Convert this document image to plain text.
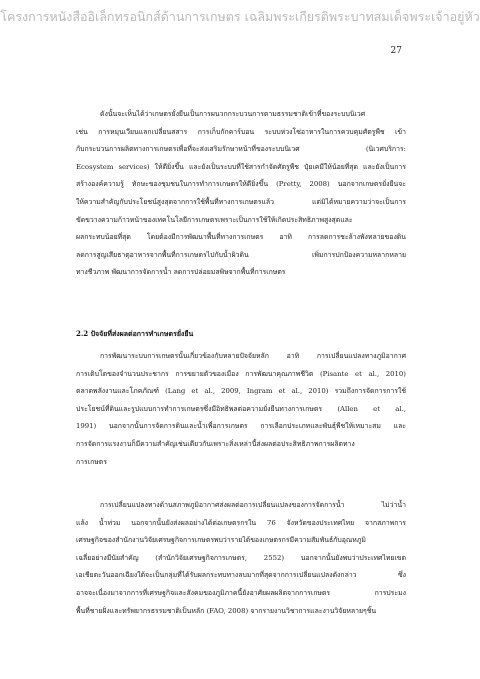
โครงการหนังสืออิเล็กทรอนิกส์ด้านการเกษตร เฉลิมพระเกียรติพระบาทสมเด็จพระเจ้าอยู่หัว
27
ดังนั้นจะเห็นได้ว่าเกษตรยั่งยืนเป็นการผนวกกระบวนการตามธรรมชาติเข้าที่ของระบบนิเวศ
เช่น การหมุนเวียนแลกเปลี่ยนสสาร การเก็บกักคาร์บอน ระบบห่วงโซ่อาหารในการควบคุมศัตรูพืช เข้า
กับกระบวนการผลิตทางการเกษตรเพื่อที่จะส่งเสริมรักษาหน้าที่ของระบบนิเวศ (นิเวศบริการ:
Ecosystem services) ให้ดียิ่งขึ้น และยังเป็นระบบที่ใช้สารกำจัดศัตรูพืช ปุ๋ยเคมีให้น้อยที่สุด และยังเป็นการ
สร้างองค์ความรู้ ทักษะของชุมชนในการทำการเกษตรให้ดียิ่งขึ้น (Pretty, 2008) นอกจากเกษตรยั่งยืนจะ
ให้ความสำคัญกับประโยชน์สูงสุดจากการใช้พื้นที่ทางการเกษตรแล้ว แต่มิได้หมายความว่าจะเป็นการ
ขัดขวางความก้าวหน้าของเทคโนโลยีการเกษตรเพราะเป็นการใช้ให้เกิดประสิทธิภาพสูงสุดและ
ผลกระทบน้อยที่สุด โดยต้องมีการพัฒนาพื้นที่ทางการเกษตร อาทิ การลดการชะล้างพังทลายของดิน
ลดการสูญเสียธาตุอาหารจากพื้นที่การเกษตรไปกับน้ำผิวดิน เพิ่มการปกป้องความหลากหลาย
ทางชีวภาพ พัฒนาการจัดการน้ำ ลดการปล่อยมลพิษจากพื้นที่การเกษตร
2.2 ปัจจัยที่ส่งผลต่อการทำเกษตรยั่งยืน
การพัฒนาระบบการเกษตรนั้นเกี่ยวข้องกับหลายปัจจัยหลัก อาทิ การเปลี่ยนแปลงทางภูมิอากาศ
การเติบโตของจำนวนประชากร การขยายตัวของเมือง การพัฒนาคุณภาพชีวิต (Pisante et al., 2010)
ตลาดพลังงานและโภคภัณฑ์ (Lang et al., 2009, Ingram et al., 2010) รวมถึงการจัดการการใช้
ประโยชน์ที่ดินและรูปแบบการทำการเกษตรซึ่งมีอิทธิพลต่อความยั่งยืนทางการเกษตร (Allen et al.,
1991) นอกจากนั้นการจัดการดินและน้ำเพื่อการเกษตร การเลือกประเภทและพันธุ์พืชให้เหมาะสม และ
การจัดการแรงงานก็มีความสำคัญเช่นเดียวกันเพราะสิ่งเหล่านี้ส่งผลต่อประสิทธิภาพการผลิตทาง
การเกษตร
การเปลี่ยนแปลงทางด้านสภาพภูมิอากาศส่งผลต่อการเปลี่ยนแปลงของการจัดการน้ำ ไม่ว่าน้ำ
แล้ง น้ำท่วม นอกจากนั้นยังส่งผลอย่างได้ต่อเกษตรกรใน 76 จังหวัดของประเทศไทย จากสภาพการ
เศรษฐกิจของสำนักงานวิจัยเศรษฐกิจการเกษตรพบว่ารายได้ของเกษตรกรมีความสัมพันธ์กับอุณหภูมิ
เฉลี่ยอย่างมีนัยสำคัญ (สำนักวิจัยเศรษฐกิจการเกษตร, 2552) นอกจากนั้นยังพบว่าประเทศไทยเขต
เอเชียตะวันออกเฉียงใต้จะเป็นกลุ่มที่ได้รับผลกระทบทางลบมากที่สุดจากการเปลี่ยนแปลงดังกล่าว ซึ่ง
อาจจะเนื่องมาจากการที่เศรษฐกิจและสังคมของภูมิภาคนี้ยังอาศัยผลผลิตจากการเกษตร การประมง
พื้นที่ชายฝั่งและทรัพยากรธรรมชาติเป็นหลัก (FAO, 2008) จากรายงานวิชาการและงานวิจัยหลายๆชิ้น
